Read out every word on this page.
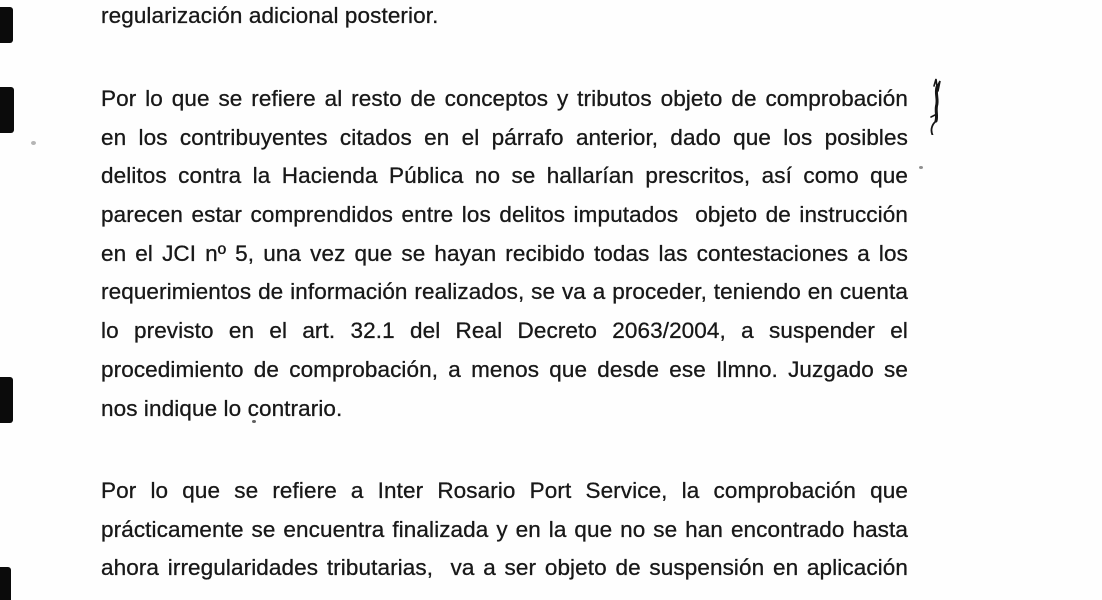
regularización adicional posterior.
Por lo que se refiere al resto de conceptos y tributos objeto de comprobación
en los contribuyentes citados en el párrafo anterior, dado que los posibles
delitos contra la Hacienda Pública no se hallarían prescritos, así como que
parecen estar comprendidos entre los delitos imputados  objeto de instrucción
en el JCI nº 5, una vez que se hayan recibido todas las contestaciones a los
requerimientos de información realizados, se va a proceder, teniendo en cuenta
lo previsto en el art. 32.1 del Real Decreto 2063/2004, a suspender el
procedimiento de comprobación, a menos que desde ese Ilmno. Juzgado se
nos indique lo contrario.
Por lo que se refiere a Inter Rosario Port Service, la comprobación que
prácticamente se encuentra finalizada y en la que no se han encontrado hasta
ahora irregularidades tributarias,  va a ser objeto de suspensión en aplicación
